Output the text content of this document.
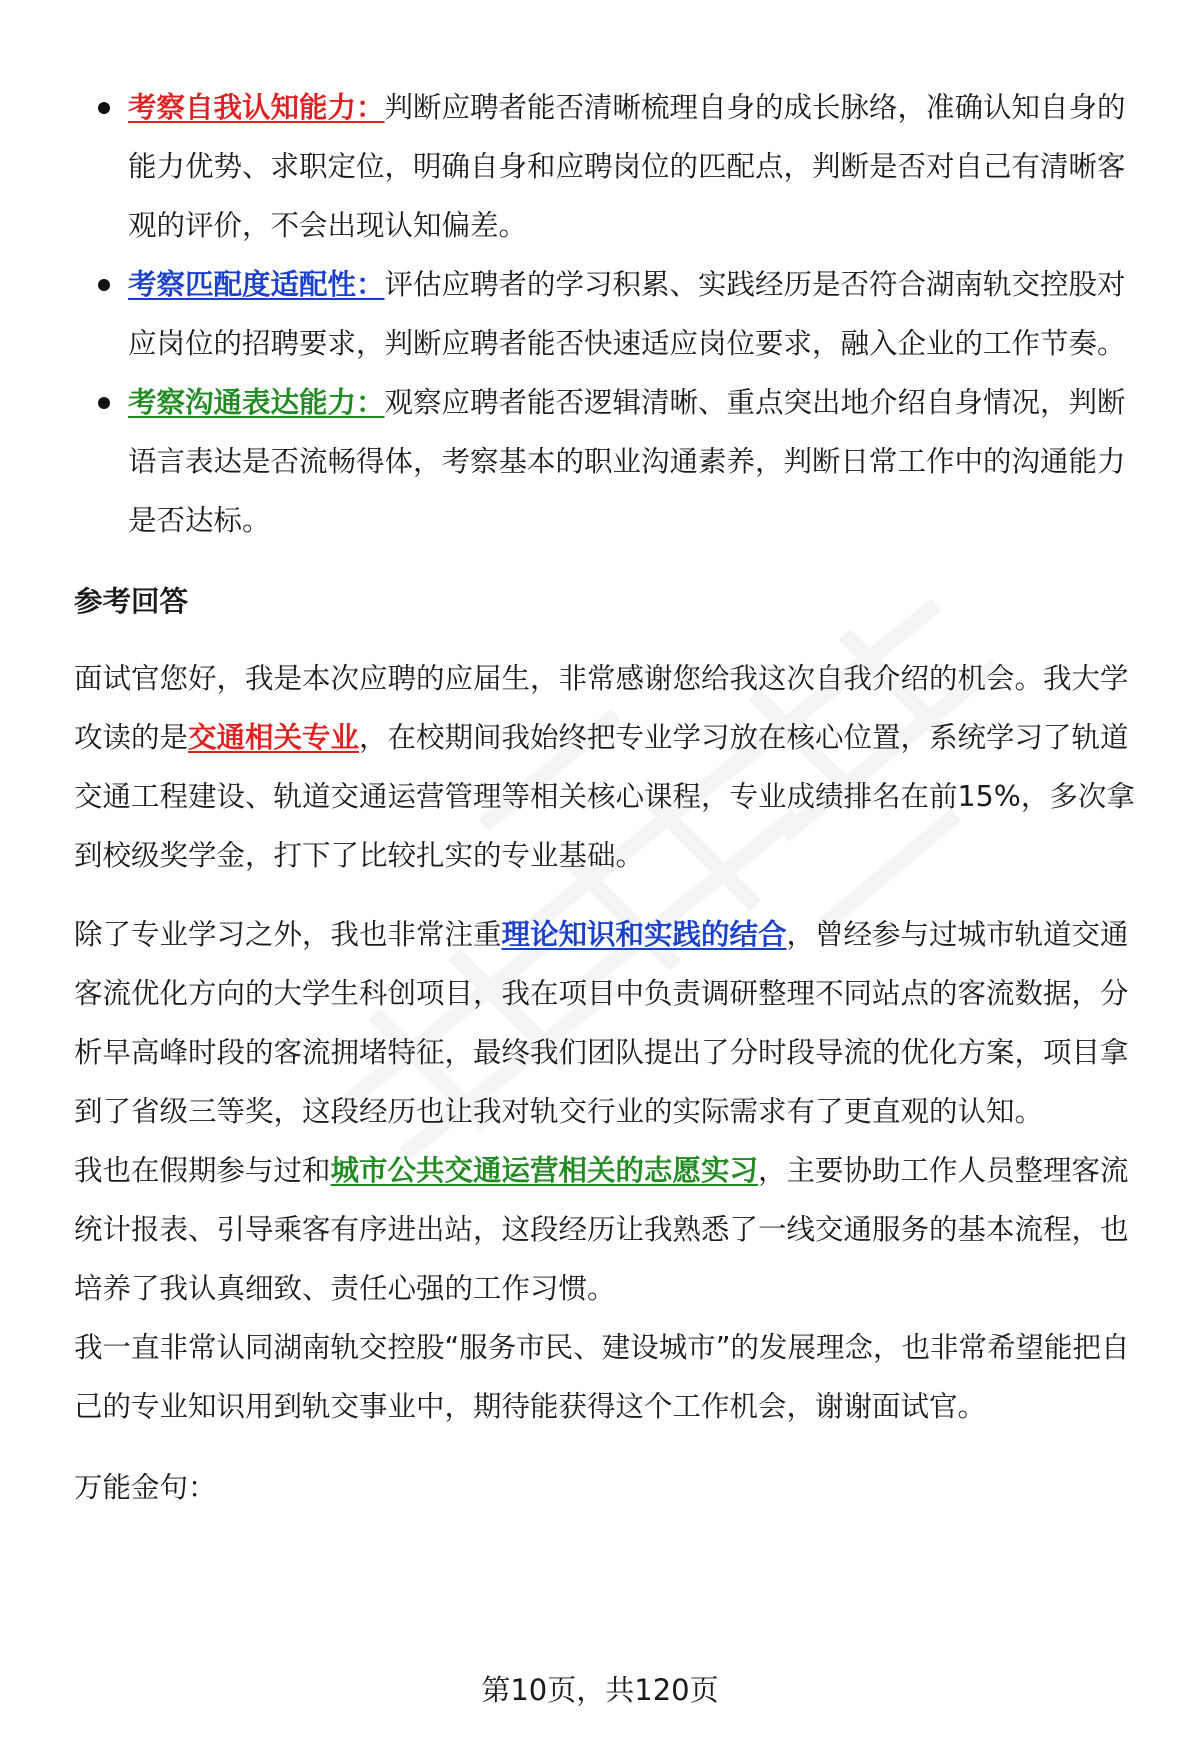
考察自我认知能力：判断应聘者能否清晰梳理自身的成长脉络，准确认知自身的能力优势、求职定位，明确自身和应聘岗位的匹配点，判断是否对自己有清晰客观的评价，不会出现认知偏差。
考察匹配度适配性：评估应聘者的学习积累、实践经历是否符合湖南轨交控股对应岗位的招聘要求，判断应聘者能否快速适应岗位要求，融入企业的工作节奏。
考察沟通表达能力：观察应聘者能否逻辑清晰、重点突出地介绍自身情况，判断语言表达是否流畅得体，考察基本的职业沟通素养，判断日常工作中的沟通能力是否达标。
参考回答

面试官您好，我是本次应聘的应届生，非常感谢您给我这次自我介绍的机会。我大学攻读的是交通相关专业，在校期间我始终把专业学习放在核心位置，系统学习了轨道交通工程建设、轨道交通运营管理等相关核心课程，专业成绩排名在前15%，多次拿到校级奖学金，打下了比较扎实的专业基础。

除了专业学习之外，我也非常注重理论知识和实践的结合，曾经参与过城市轨道交通客流优化方向的大学生科创项目，我在项目中负责调研整理不同站点的客流数据，分析早高峰时段的客流拥堵特征，最终我们团队提出了分时段导流的优化方案，项目拿到了省级三等奖，这段经历也让我对轨交行业的实际需求有了更直观的认知。

我也在假期参与过和城市公共交通运营相关的志愿实习，主要协助工作人员整理客流统计报表、引导乘客有序进出站，这段经历让我熟悉了一线交通服务的基本流程，也培养了我认真细致、责任心强的工作习惯。

我一直非常认同湖南轨交控股“服务市民、建设城市”的发展理念，也非常希望能把自己的专业知识用到轨交事业中，期待能获得这个工作机会，谢谢面试官。

万能金句：
第10页，共120页
